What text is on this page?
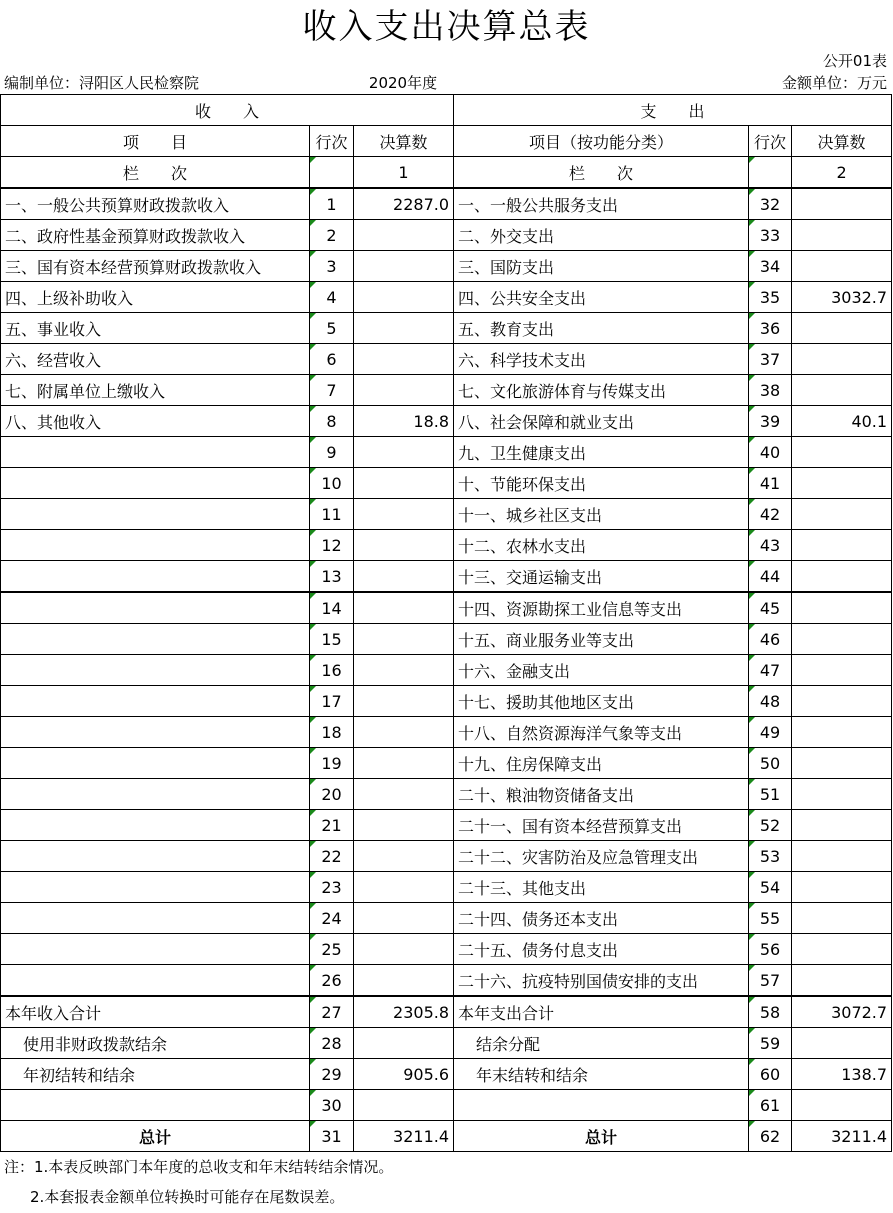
收入支出决算总表
公开01表
编制单位：浔阳区人民检察院	2020年度	金额单位：万元
收　　入			支　　出		
项　　目	行次	决算数	项目（按功能分类）	行次	决算数
栏　　次		1	栏　　次		2
一、一般公共预算财政拨款收入	1	2287.0	一、一般公共服务支出	32	
二、政府性基金预算财政拨款收入	2		二、外交支出	33	
三、国有资本经营预算财政拨款收入	3		三、国防支出	34	
四、上级补助收入	4		四、公共安全支出	35	3032.7
五、事业收入	5		五、教育支出	36	
六、经营收入	6		六、科学技术支出	37	
七、附属单位上缴收入	7		七、文化旅游体育与传媒支出	38	
八、其他收入	8	18.8	八、社会保障和就业支出	39	40.1
	9		九、卫生健康支出	40	
	10		十、节能环保支出	41	
	11		十一、城乡社区支出	42	
	12		十二、农林水支出	43	
	13		十三、交通运输支出	44	
	14		十四、资源勘探工业信息等支出	45	
	15		十五、商业服务业等支出	46	
	16		十六、金融支出	47	
	17		十七、援助其他地区支出	48	
	18		十八、自然资源海洋气象等支出	49	
	19		十九、住房保障支出	50	
	20		二十、粮油物资储备支出	51	
	21		二十一、国有资本经营预算支出	52	
	22		二十二、灾害防治及应急管理支出	53	
	23		二十三、其他支出	54	
	24		二十四、债务还本支出	55	
	25		二十五、债务付息支出	56	
	26		二十六、抗疫特别国债安排的支出	57	
本年收入合计	27	2305.8	本年支出合计	58	3072.7
使用非财政拨款结余	28		结余分配	59	
年初结转和结余	29	905.6	年末结转和结余	60	138.7
	30			61	
总计	31	3211.4	总计	62	3211.4
注：1.本表反映部门本年度的总收支和年末结转结余情况。
2.本套报表金额单位转换时可能存在尾数误差。
